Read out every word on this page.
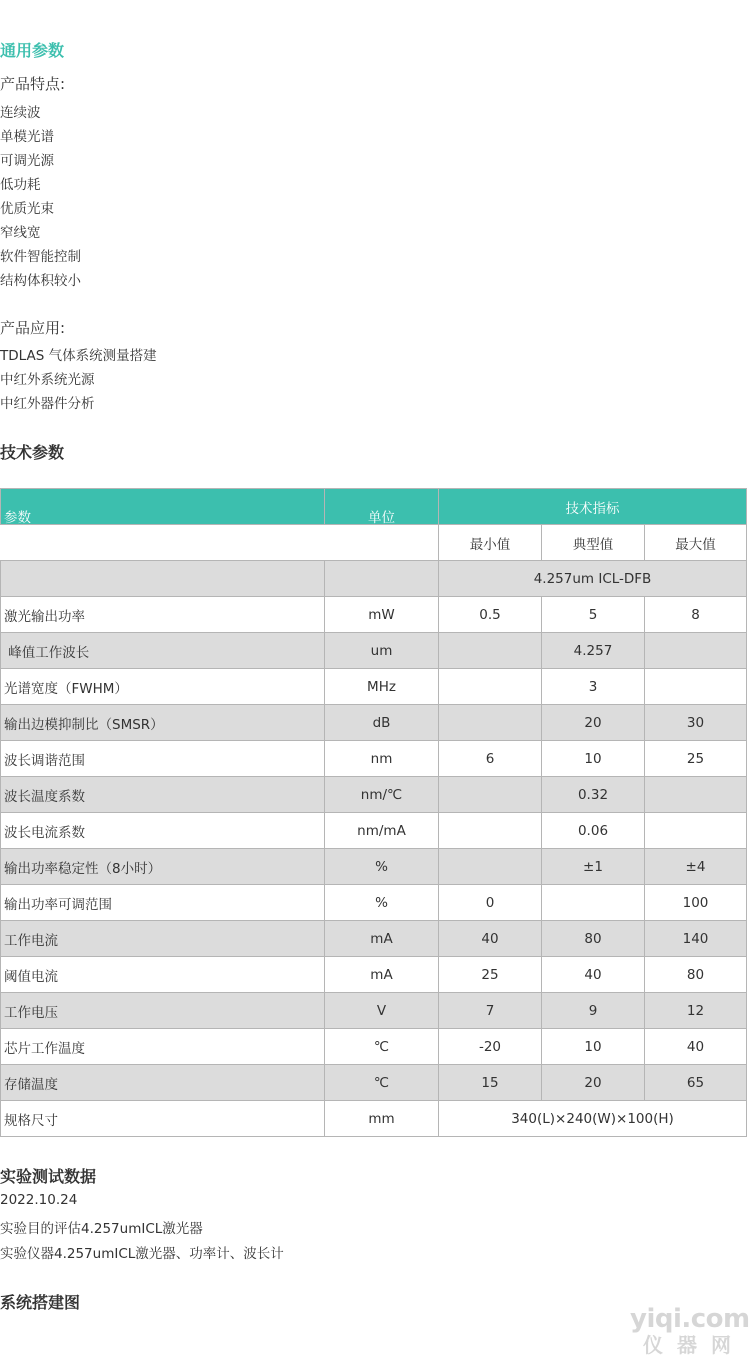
通用参数
产品特点:
连续波
单模光谱
可调光源
低功耗
优质光束
窄线宽
软件智能控制
结构体积较小
产品应用:
TDLAS 气体系统测量搭建
中红外系统光源
中红外器件分析
技术参数
参数	单位	技术指标		
		最小值	典型值	最大值
		4.257um ICL-DFB		
激光输出功率	mW	0.5	5	8
峰值工作波长	um		4.257	
光谱宽度（FWHM）	MHz		3	
输出边模抑制比（SMSR）	dB		20	30
波长调谐范围	nm	6	10	25
波长温度系数	nm/℃		0.32	
波长电流系数	nm/mA		0.06	
输出功率稳定性（8小时）	%		±1	±4
输出功率可调范围	%	0		100
工作电流	mA	40	80	140
阈值电流	mA	25	40	80
工作电压	V	7	9	12
芯片工作温度	℃	-20	10	40
存储温度	℃	15	20	65
规格尺寸	mm	340(L)×240(W)×100(H)		
实验测试数据
2022.10.24
实验目的评估4.257umICL激光器
实验仪器4.257umICL激光器、功率计、波长计
系统搭建图
yiqi.com
仪器网
